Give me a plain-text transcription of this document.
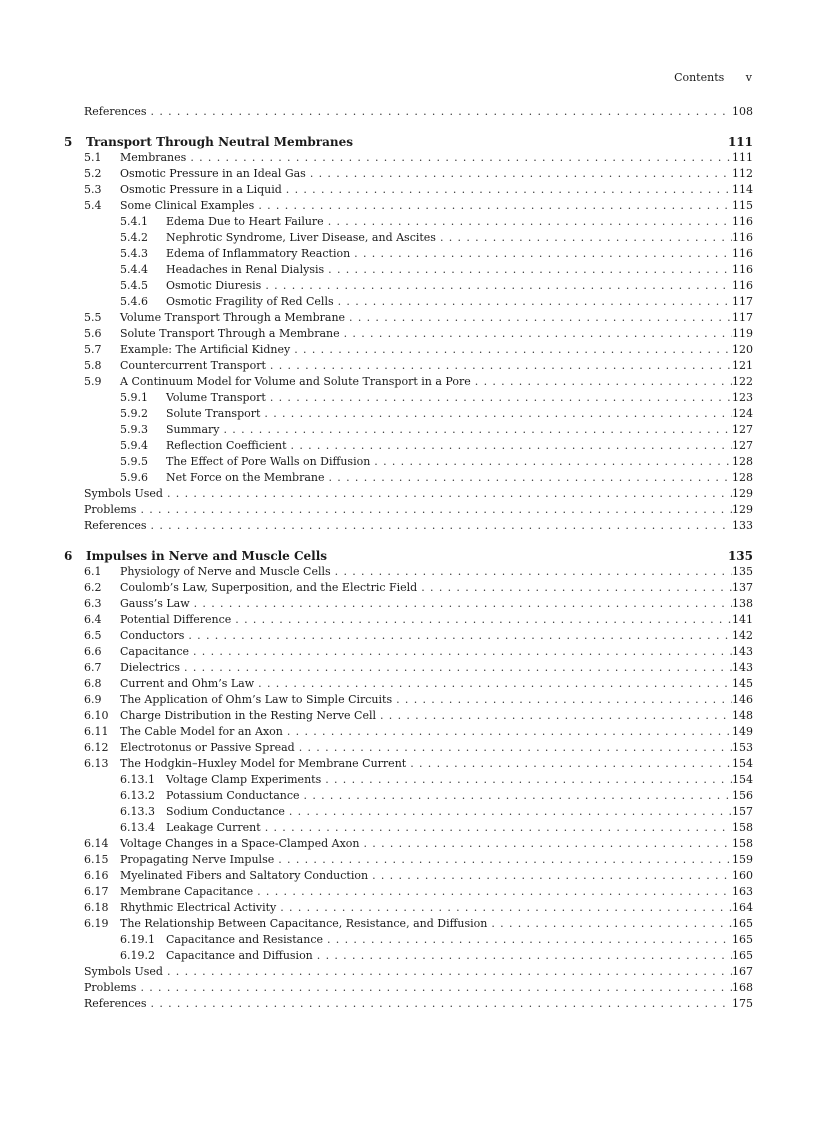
Contents v
References . . .	108
5	Transport Through Neutral Membranes	111
5.1	Membranes . . .	111
5.2	Osmotic Pressure in an Ideal Gas . . .	112
5.3	Osmotic Pressure in a Liquid . . .	114
5.4	Some Clinical Examples . . .	115
5.4.1	Edema Due to Heart Failure . . .	116
5.4.2	Nephrotic Syndrome, Liver Disease, and Ascites . . .	116
5.4.3	Edema of Inflammatory Reaction . . .	116
5.4.4	Headaches in Renal Dialysis . . .	116
5.4.5	Osmotic Diuresis . . .	116
5.4.6	Osmotic Fragility of Red Cells . . .	117
5.5	Volume Transport Through a Membrane . . .	117
5.6	Solute Transport Through a Membrane . . .	119
5.7	Example: The Artificial Kidney . . .	120
5.8	Countercurrent Transport . . .	121
5.9	A Continuum Model for Volume and Solute Transport in a Pore . . .	122
5.9.1	Volume Transport . . .	123
5.9.2	Solute Transport . . .	124
5.9.3	Summary . . .	127
5.9.4	Reflection Coefficient . . .	127
5.9.5	The Effect of Pore Walls on Diffusion . . .	128
5.9.6	Net Force on the Membrane . . .	128
Symbols Used . . .	129
Problems . . .	129
References . . .	133
6	Impulses in Nerve and Muscle Cells	135
6.1	Physiology of Nerve and Muscle Cells . . .	135
6.2	Coulomb’s Law, Superposition, and the Electric Field . . .	137
6.3	Gauss’s Law . . .	138
6.4	Potential Difference . . .	141
6.5	Conductors . . .	142
6.6	Capacitance . . .	143
6.7	Dielectrics . . .	143
6.8	Current and Ohm’s Law . . .	145
6.9	The Application of Ohm’s Law to Simple Circuits . . .	146
6.10	Charge Distribution in the Resting Nerve Cell . . .	148
6.11	The Cable Model for an Axon . . .	149
6.12	Electrotonus or Passive Spread . . .	153
6.13	The Hodgkin–Huxley Model for Membrane Current . . .	154
6.13.1	Voltage Clamp Experiments . . .	154
6.13.2	Potassium Conductance . . .	156
6.13.3	Sodium Conductance . . .	157
6.13.4	Leakage Current . . .	158
6.14	Voltage Changes in a Space-Clamped Axon . . .	158
6.15	Propagating Nerve Impulse . . .	159
6.16	Myelinated Fibers and Saltatory Conduction . . .	160
6.17	Membrane Capacitance . . .	163
6.18	Rhythmic Electrical Activity . . .	164
6.19	The Relationship Between Capacitance, Resistance, and Diffusion . . .	165
6.19.1	Capacitance and Resistance . . .	165
6.19.2	Capacitance and Diffusion . . .	165
Symbols Used . . .	167
Problems . . .	168
References . . .	175
